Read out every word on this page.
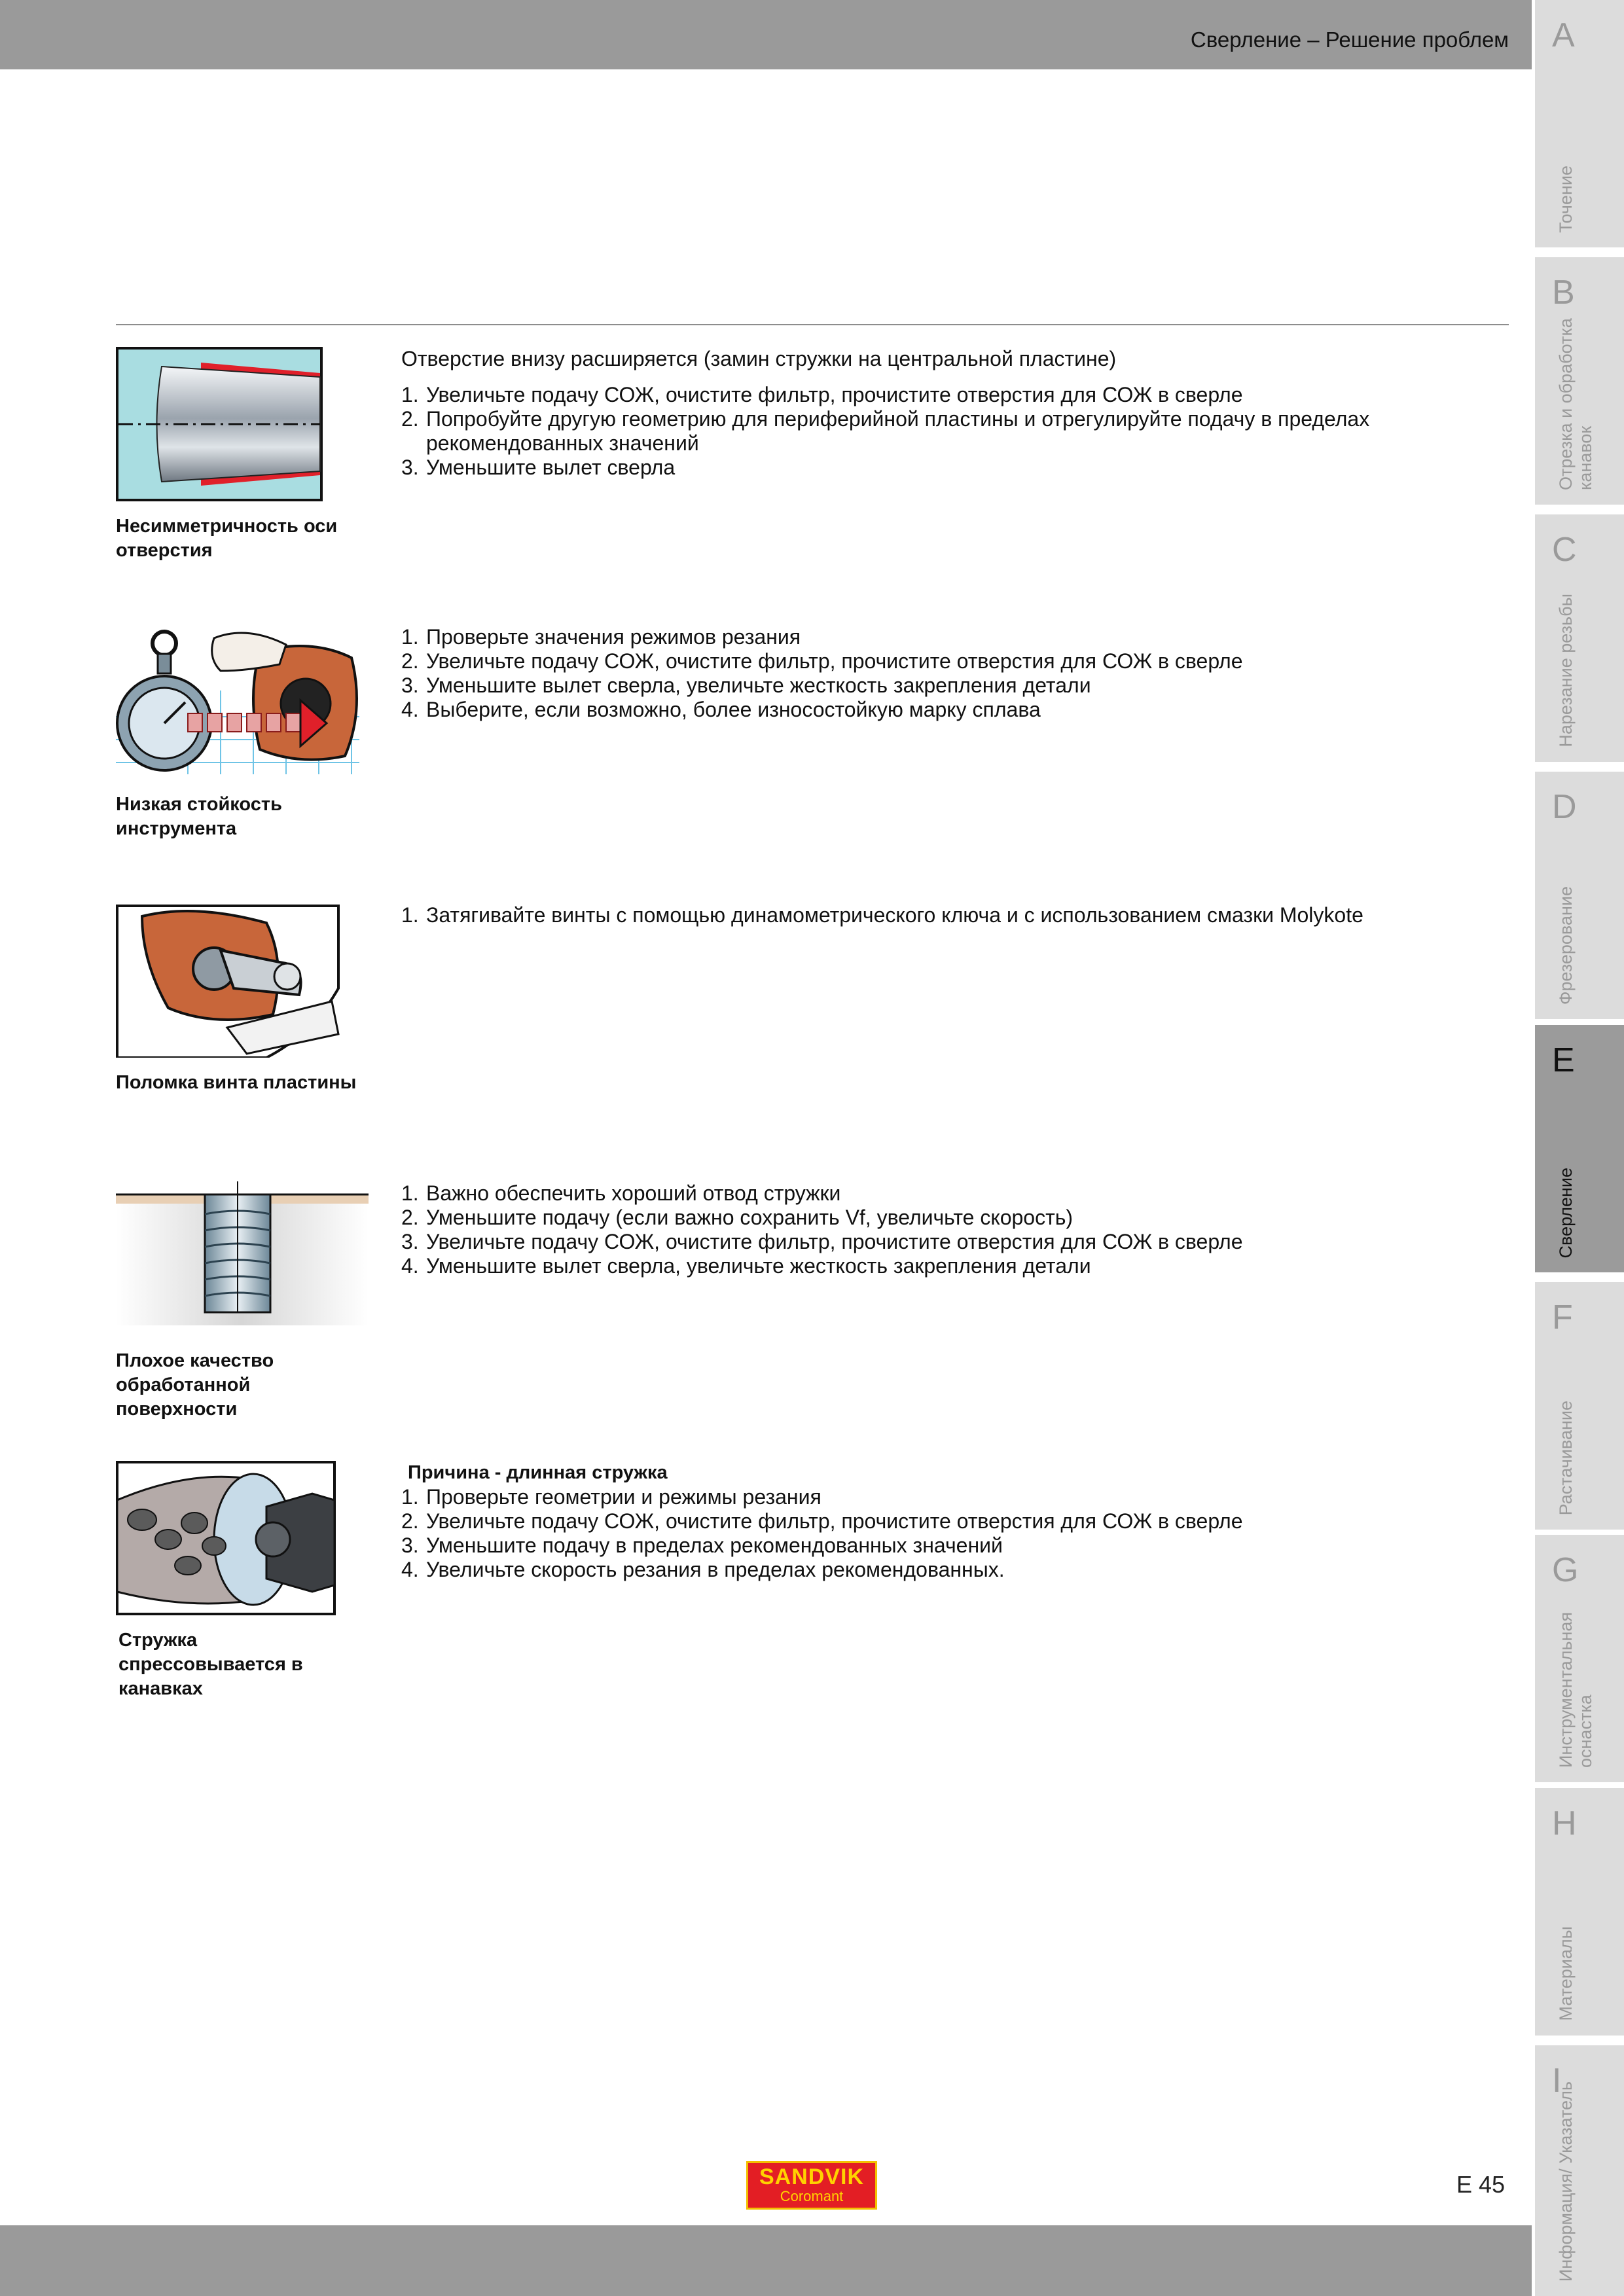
Сверление – Решение проблем A
Точение
B
Отрезка и обработка канавок
C
Нарезание резьбы
D
Фрезерование
E
Сверление
F
Растачивание
G
Инструментальная оснастка
H
Материалы
I
Информация/ Указатель
Несимметричность оси отверстия

Отверстие внизу расширяется (замин стружки на центральной пластине)

1. Увеличьте подачу СОЖ, очистите фильтр, прочистите отверстия для СОЖ в сверле
2. Попробуйте другую геометрию для периферийной пластины и отрегулируйте подачу в пределах рекомендованных значений
3. Уменьшите вылет сверла
Низкая стойкость инструмента
1. Проверьте значения режимов резания
2. Увеличьте подачу СОЖ, очистите фильтр, прочистите отверстия для СОЖ в сверле
3. Уменьшите вылет сверла, увеличьте жесткость закрепления детали
4. Выберите, если возможно, более износостойкую марку сплава
Поломка винта пластины
1. Затягивайте винты с помощью динамометрического ключа и с использованием смазки Molykote
Плохое качество обработанной поверхности
1. Важно обеспечить хороший отвод стружки
2. Уменьшите подачу (если важно сохранить Vf, увеличьте скорость)
3. Увеличьте подачу СОЖ, очистите фильтр, прочистите отверстия для СОЖ в сверле
4. Уменьшите вылет сверла, увеличьте жесткость закрепления детали
Стружка спрессовывается в канавках

Причина - длинная стружка

1. Проверьте геометрии и режимы резания
2. Увеличьте подачу СОЖ, очистите фильтр, прочистите отверстия для СОЖ в сверле
3. Уменьшите подачу в пределах рекомендованных значений
4. Увеличьте скорость резания в пределах рекомендованных.
SANDVIK
Coromant	E 45
